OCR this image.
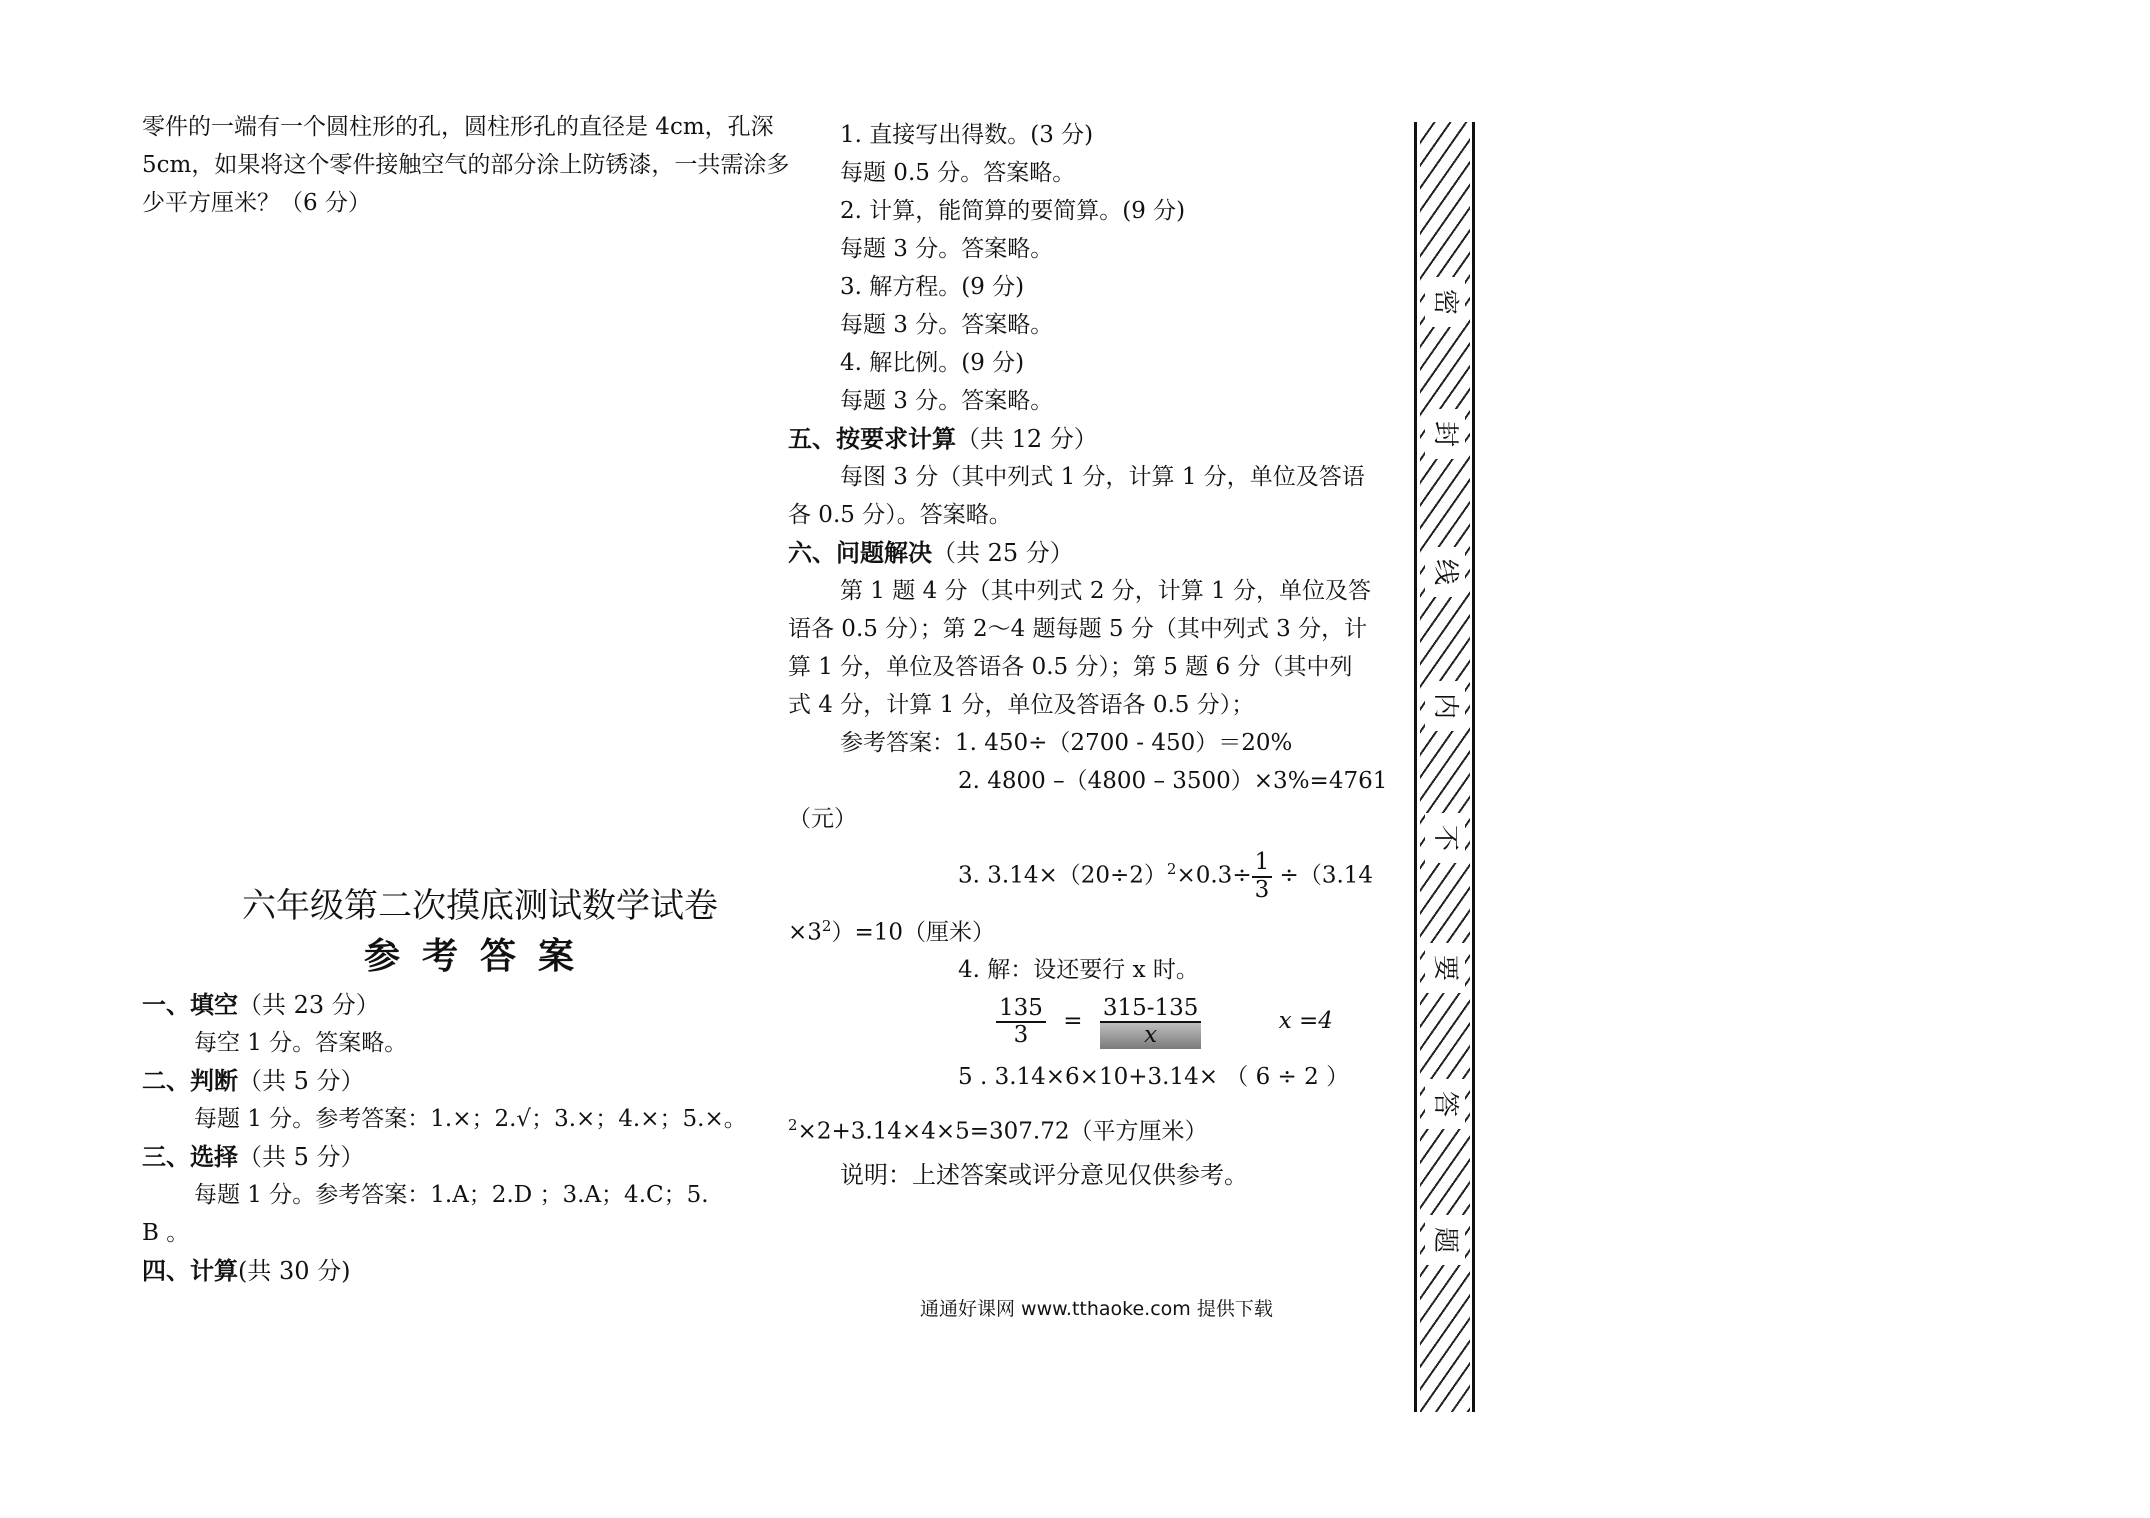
零件的一端有一个圆柱形的孔，圆柱形孔的直径是 4cm，孔深

5cm，如果将这个零件接触空气的部分涂上防锈漆，一共需涂多

少平方厘米？（6 分）

六年级第二次摸底测试数学试卷
参考答案

一、填空（共 23 分）

每空 1 分。答案略。

二、判断（共 5 分）

每题 1 分。参考答案：1.×；2.√；3.×；4.×；5.×。

三、选择（共 5 分）

每题 1 分。参考答案：1.A；2.D ；3.A；4.C；5.

B 。

四、计算(共 30 分)

1. 直接写出得数。(3 分)

每题 0.5 分。答案略。

2. 计算，能简算的要简算。(9 分)

每题 3 分。答案略。

3. 解方程。(9 分)

每题 3 分。答案略。

4. 解比例。(9 分)

每题 3 分。答案略。

五、按要求计算（共 12 分）

每图 3 分（其中列式 1 分，计算 1 分，单位及答语

各 0.5 分）。答案略。

六、问题解决（共 25 分）

第 1 题 4 分（其中列式 2 分，计算 1 分，单位及答

语各 0.5 分）；第 2～4 题每题 5 分（其中列式 3 分，计

算 1 分，单位及答语各 0.5 分）；第 5 题 6 分（其中列

式 4 分，计算 1 分，单位及答语各 0.5 分）；

参考答案：1. 450÷（2700 - 450）＝20%

2. 4800 –（4800 – 3500）×3%=4761

（元）

3. $3.14\times(20\div 2)^2\times 0.3\div \frac{1}{3} \div(3.14$

$\times 3^2)=10$（厘米）

4. 解：设还要行 x 时。

$\frac{135}{3} = \frac{315-135}{x}$	x =4

5 . 3.14×6×10+3.14× （ 6 ÷ 2 ）

$^2$×2+3.14×4×5=307.72（平方厘米）

说明：上述答案或评分意见仅供参考。

通通好课网 www.tthaoke.com 提供下载
密
封
线
内
不
要
答
题
